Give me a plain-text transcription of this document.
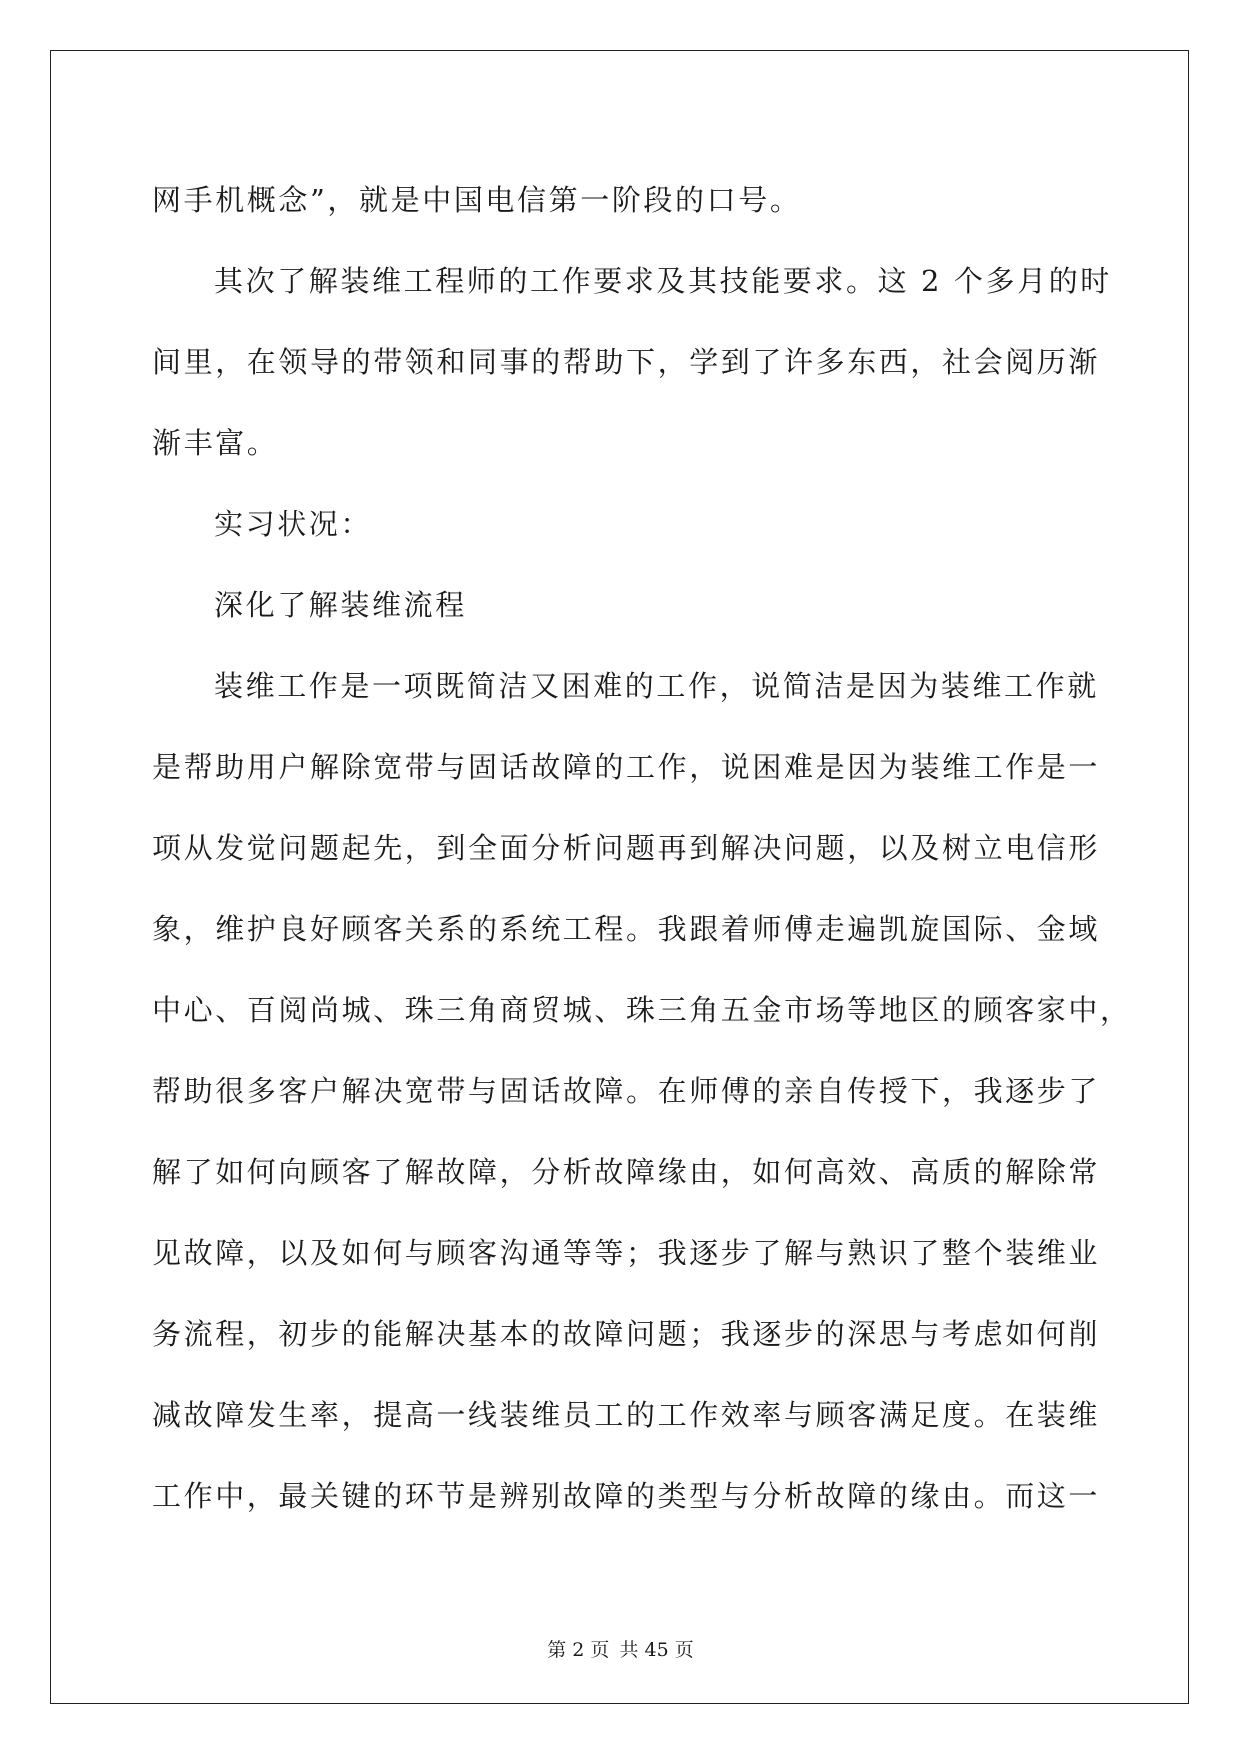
网手机概念”，就是中国电信第一阶段的口号。
其次了解装维工程师的工作要求及其技能要求。这 2 个多月的时
间里，在领导的带领和同事的帮助下，学到了许多东西，社会阅历渐
渐丰富。
实习状况：
深化了解装维流程
装维工作是一项既简洁又困难的工作，说简洁是因为装维工作就
是帮助用户解除宽带与固话故障的工作，说困难是因为装维工作是一
项从发觉问题起先，到全面分析问题再到解决问题，以及树立电信形
象，维护良好顾客关系的系统工程。我跟着师傅走遍凯旋国际、金域
中心、百阅尚城、珠三角商贸城、珠三角五金市场等地区的顾客家中，
帮助很多客户解决宽带与固话故障。在师傅的亲自传授下，我逐步了
解了如何向顾客了解故障，分析故障缘由，如何高效、高质的解除常
见故障，以及如何与顾客沟通等等；我逐步了解与熟识了整个装维业
务流程，初步的能解决基本的故障问题；我逐步的深思与考虑如何削
减故障发生率，提高一线装维员工的工作效率与顾客满足度。在装维
工作中，最关键的环节是辨别故障的类型与分析故障的缘由。而这一
第 2 页 共 45 页
